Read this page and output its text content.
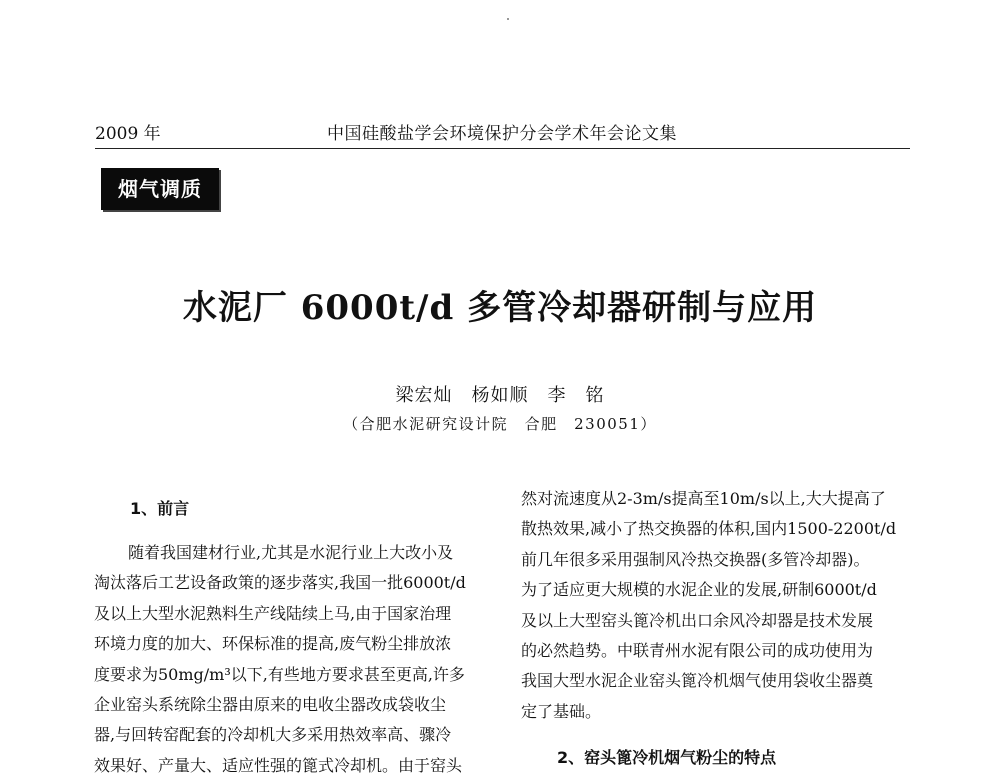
2009 年	中国硅酸盐学会环境保护分会学术年会论文集
烟气调质
水泥厂 6000t/d 多管冷却器研制与应用
梁宏灿　杨如顺　李　铭
（合肥水泥研究设计院　合肥　230051）
1、前言

随着我国建材行业,尤其是水泥行业上大改小及
淘汰落后工艺设备政策的逐步落实,我国一批6000t/d
及以上大型水泥熟料生产线陆续上马,由于国家治理
环境力度的加大、环保标准的提高,废气粉尘排放浓
度要求为50mg/m³以下,有些地方要求甚至更高,许多
企业窑头系统除尘器由原来的电收尘器改成袋收尘
器,与回转窑配套的冷却机大多采用热效率高、骤冷
效果好、产量大、适应性强的篦式冷却机。由于窑头

然对流速度从2-3m/s提高至10m/s以上,大大提高了
散热效果,减小了热交换器的体积,国内1500-2200t/d
前几年很多采用强制风冷热交换器(多管冷却器)。
为了适应更大规模的水泥企业的发展,研制6000t/d
及以上大型窑头篦冷机出口余风冷却器是技术发展
的必然趋势。中联青州水泥有限公司的成功使用为
我国大型水泥企业窑头篦冷机烟气使用袋收尘器奠
定了基础。

2、窑头篦冷机烟气粉尘的特点
